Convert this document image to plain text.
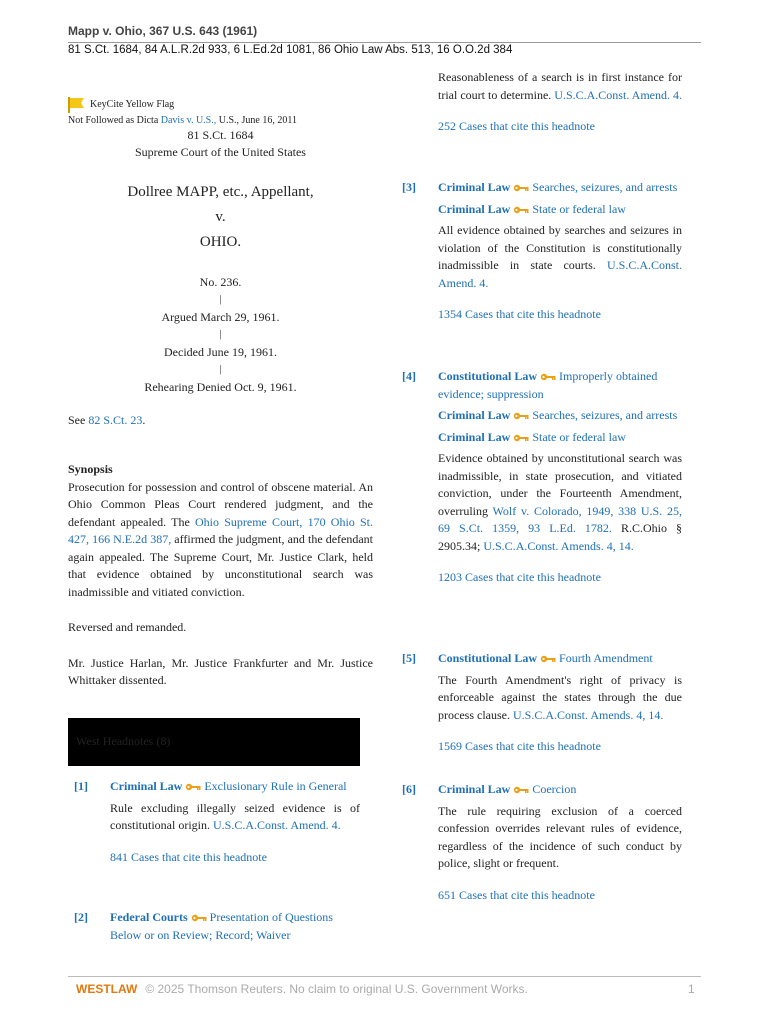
Mapp v. Ohio, 367 U.S. 643 (1961)
81 S.Ct. 1684, 84 A.L.R.2d 933, 6 L.Ed.2d 1081, 86 Ohio Law Abs. 513, 16 O.O.2d 384
KeyCite Yellow Flag
Not Followed as Dicta Davis v. U.S., U.S., June 16, 2011
81 S.Ct. 1684
Supreme Court of the United States
Dollree MAPP, etc., Appellant,
v.
OHIO.
No. 236.
|
Argued March 29, 1961.
|
Decided June 19, 1961.
|
Rehearing Denied Oct. 9, 1961.
See 82 S.Ct. 23.
Synopsis
Prosecution for possession and control of obscene material. An Ohio Common Pleas Court rendered judgment, and the defendant appealed. The Ohio Supreme Court, 170 Ohio St. 427, 166 N.E.2d 387, affirmed the judgment, and the defendant again appealed. The Supreme Court, Mr. Justice Clark, held that evidence obtained by unconstitutional search was inadmissible and vitiated conviction.
Reversed and remanded.
Mr. Justice Harlan, Mr. Justice Frankfurter and Mr. Justice Whittaker dissented.
West Headnotes (8)
[1] Criminal Law Exclusionary Rule in General
Rule excluding illegally seized evidence is of constitutional origin. U.S.C.A.Const. Amend. 4.
841 Cases that cite this headnote
[2] Federal Courts Presentation of Questions Below or on Review; Record; Waiver
Reasonableness of a search is in first instance for trial court to determine. U.S.C.A.Const. Amend. 4.
252 Cases that cite this headnote
[3] Criminal Law Searches, seizures, and arrests
Criminal Law State or federal law
All evidence obtained by searches and seizures in violation of the Constitution is constitutionally inadmissible in state courts. U.S.C.A.Const. Amend. 4.
1354 Cases that cite this headnote
[4] Constitutional Law Improperly obtained evidence; suppression
Criminal Law Searches, seizures, and arrests
Criminal Law State or federal law
Evidence obtained by unconstitutional search was inadmissible, in state prosecution, and vitiated conviction, under the Fourteenth Amendment, overruling Wolf v. Colorado, 1949, 338 U.S. 25, 69 S.Ct. 1359, 93 L.Ed. 1782. R.C.Ohio § 2905.34; U.S.C.A.Const. Amends. 4, 14.
1203 Cases that cite this headnote
[5] Constitutional Law Fourth Amendment
The Fourth Amendment's right of privacy is enforceable against the states through the due process clause. U.S.C.A.Const. Amends. 4, 14.
1569 Cases that cite this headnote
[6] Criminal Law Coercion
The rule requiring exclusion of a coerced confession overrides relevant rules of evidence, regardless of the incidence of such conduct by police, slight or frequent.
651 Cases that cite this headnote
WESTLAW © 2025 Thomson Reuters. No claim to original U.S. Government Works.	1
